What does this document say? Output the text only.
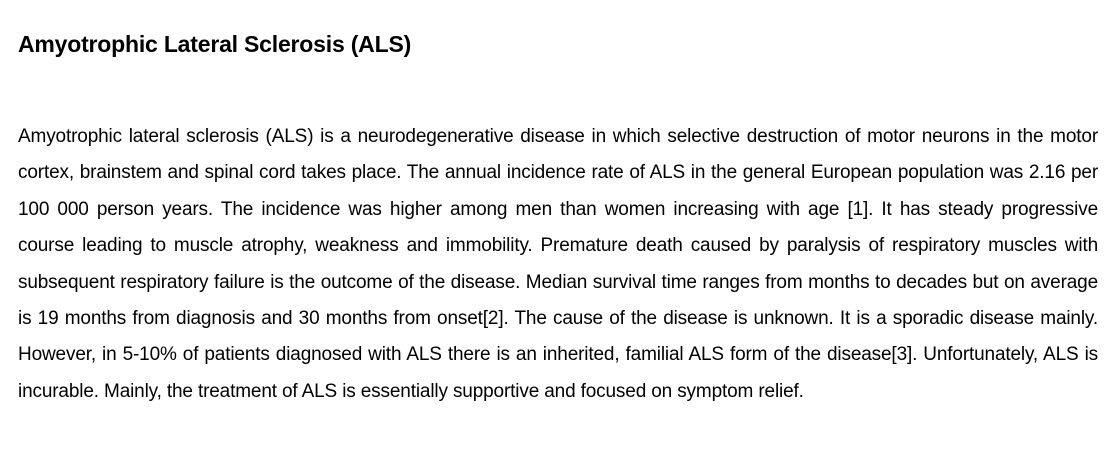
Amyotrophic Lateral Sclerosis (ALS)

Amyotrophic lateral sclerosis (ALS) is a neurodegenerative disease in which selective destruction of motor neurons in the motor cortex, brainstem and spinal cord takes place. The annual incidence rate of ALS in the general European population was 2.16 per 100 000 person years. The incidence was higher among men than women increasing with age [1]. It has steady progressive course leading to muscle atrophy, weakness and immobility. Premature death caused by paralysis of respiratory muscles with subsequent respiratory failure is the outcome of the disease. Median survival time ranges from months to decades but on average is 19 months from diagnosis and 30 months from onset[2]. The cause of the disease is unknown. It is a sporadic disease mainly. However, in 5-10% of patients diagnosed with ALS there is an inherited, familial ALS form of the disease[3]. Unfortunately, ALS is incurable. Mainly, the treatment of ALS is essentially supportive and focused on symptom relief.
